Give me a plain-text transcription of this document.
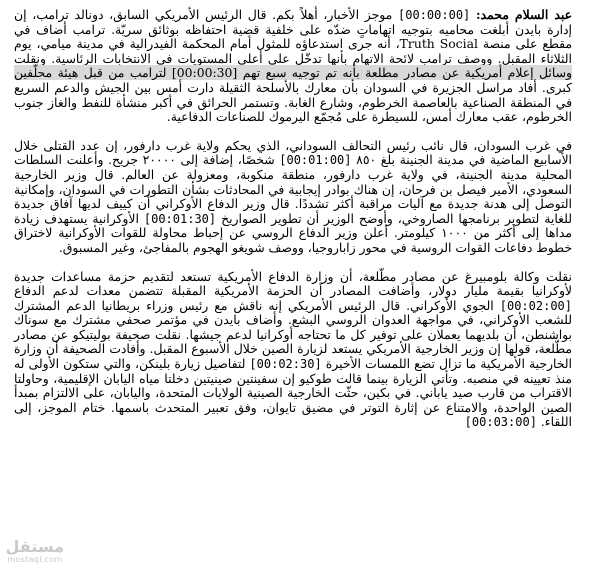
عبد السلام محمد: [00:00:00] موجز الأخبار، أهلاً بكم. قال الرئيس الأمريكي السابق، دونالد ترامب، إن إدارة بايدن أبلغت محاميه بتوجيه اتهاماتٍ ضدّه على خلفية قضية احتفاظه بوثائق سريّة. ترامب أضاف في مقطع على منصة Truth Social، أنه جرى استدعاؤه للمثول أمام المحكمة الفيدرالية في مدينة ميامي، يوم الثلاثاء المقبل. ووصف ترامب لائحة الاتهام بأنها تدخّل على أعلى المستويات في الانتخابات الرئاسية. ونقلت وسائل إعلام أمريكية عن مصادر مطلعة بأنه تم توجيه سبع تهم [00:00:30] لترامب من قبل هيئة محلّفين كبرى. أفاد مراسل الجزيرة في السودان بأن معارك بالأسلحة الثقيلة دارت أمس بين الجيش والدعم السريع في المنطقة الصناعية بالعاصمة الخرطوم، وشارع الغابة. وتستمر الحرائق في أكبر منشأة للنفط والغاز جنوب الخرطوم، عقب معارك أمس، للسيطرة على مُجمّع اليرموك للصناعات الدفاعية.

في غرب السودان، قال نائب رئيس التحالف السوداني، الذي يحكم ولاية غرب دارفور، إن عدد القتلى خلال الأسابيع الماضية في مدينة الجنينة بلغ ٨٥٠ [00:01:00] شخصًا، إضافة إلى ٢٠٠٠٠ جريح. وأعلنت السلطات المحلية مدينة الجنينة، في ولاية غرب دارفور، منطقة منكوبة، ومعزولة عن العالم. قال وزير الخارجية السعودي، الأمير فيصل بن فرحان، إن هناك بوادر إيجابية في المحادثات بشأن التطورات في السودان، وإمكانية التوصل إلى هدنة جديدة مع آليات مراقبة أكثر تشددًا. قال وزير الدفاع الأوكراني أن كييف لديها آفاق جديدة للغاية لتطوير برنامجها الصاروخي، وأوضح الوزير أن تطوير الصواريخ [00:01:30] الأوكرانية يستهدف زيادة مداها إلى أكثر من ١٠٠٠ كيلومتر. أعلن وزير الدفاع الروسي عن إحباط محاولة للقوات الأوكرانية لاختراق خطوط دفاعات القوات الروسية في محور زاباروجيا، ووصف شويغو الهجوم بالمفاجئ، وغير المسبوق.

نقلت وكالة بلومبيرغ عن مصادر مطّلعة، أن وزارة الدفاع الأمريكية تستعد لتقديم حزمة مساعدات جديدة لأوكرانيا بقيمة مليار دولار، وأضافت المصادر أن الحزمة الأمريكية المقبلة تتضمن معدات لدعم الدفاع [00:02:00] الجوي الأوكراني. قال الرئيس الأمريكي إنه ناقش مع رئيس وزراء بريطانيا الدعم المشترك للشعب الأوكراني، في مواجهة العدوان الروسي البشع. وأضاف بايدن في مؤتمر صحفي مشترك مع سوناك بواشنطن، أن بلديهما يعملان على توفير كل ما تحتاجه أوكرانيا لدعم جيشها. نقلت صحيفة بوليتيكو عن مصادر مطّلعة، قولها إن وزير الخارجية الأمريكي يستعد لزيارة الصين خلال الأسبوع المقبل. وأفادت الصحيفة أن وزارة الخارجية الأمريكية ما تزال تضع اللمسات الأخيرة [00:02:30] لتفاصيل زيارة بلينكن، والتي ستكون الأولى له منذ تعيينه في منصبه. وتأتي الزيارة بينما قالت طوكيو إن سفينتين صينيتين دخلتا مياه اليابان الإقليمية، وحاولتا الاقتراب من قارب صيد ياباني. في بكين، حثّت الخارجية الصينية الولايات المتحدة، واليابان، على الالتزام بمبدأ الصين الواحدة، والامتناع عن إثارة التوتر في مضيق تايوان، وفق تعبير المتحدث باسمها. ختام الموجز، إلى اللقاء. [00:03:00]

مستقل
mostaql.com
